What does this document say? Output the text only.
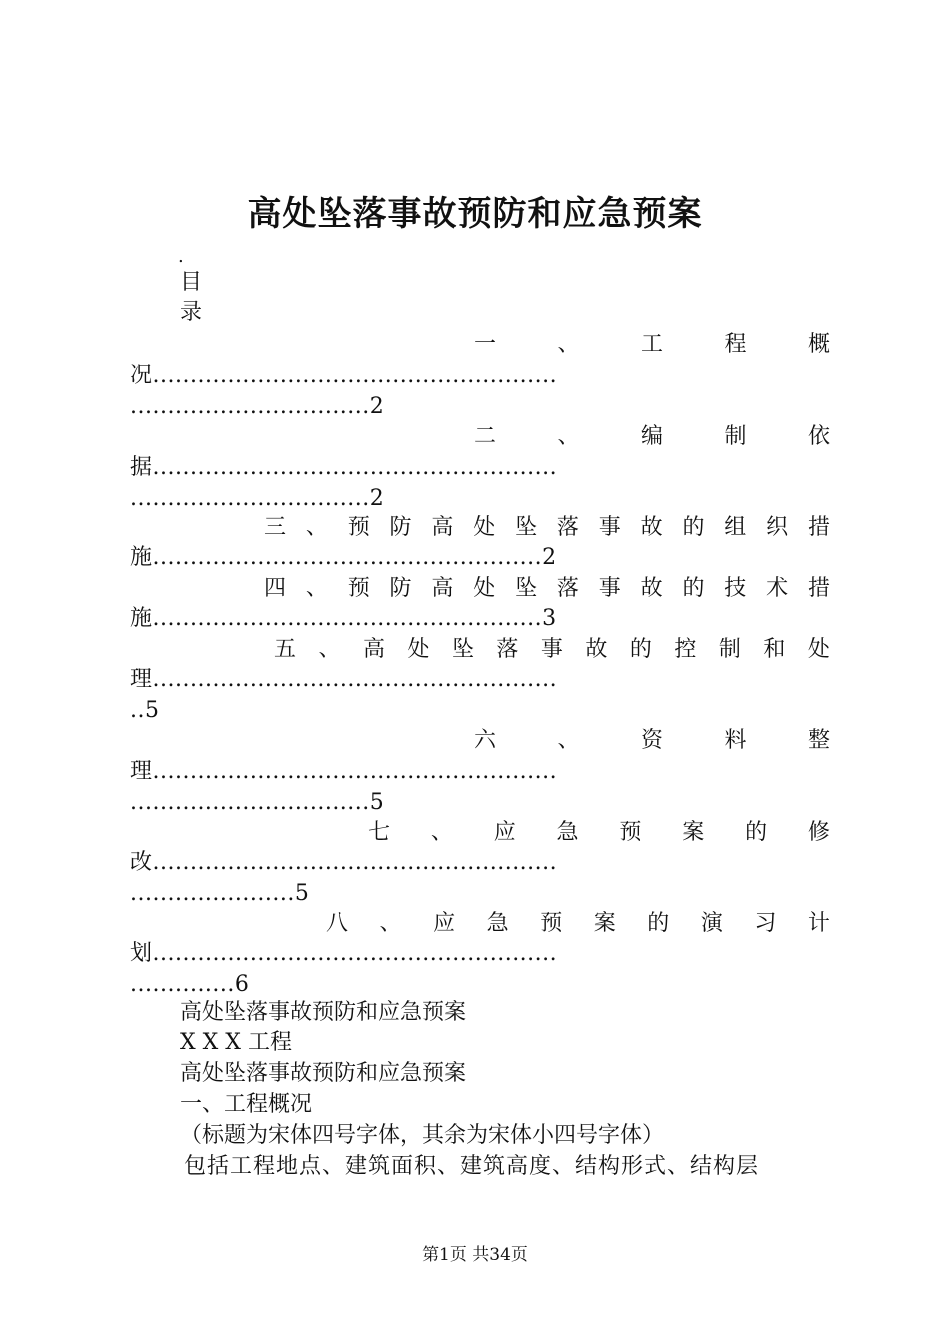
高处坠落事故预防和应急预案
.
目
录
一	、	工	程	概
况......................................................
................................2
二	、	编	制	依
据......................................................
................................2
三 、 预 防 高 处 坠 落 事 故 的 组 织 措
施....................................................2
四 、 预 防 高 处 坠 落 事 故 的 技 术 措
施....................................................3
五 、 高 处 坠 落 事 故 的 控 制 和 处
理......................................................
..5
六	、	资	料	整
理......................................................
................................5
七 、 应 急 预 案 的 修
改......................................................
......................5
八 、 应 急 预 案 的 演 习 计
划......................................................
..............6
高处坠落事故预防和应急预案
X X X 工程
高处坠落事故预防和应急预案
一、工程概况
（标题为宋体四号字体，其余为宋体小四号字体）
包括工程地点、建筑面积、建筑高度、结构形式、结构层
第1页 共34页
